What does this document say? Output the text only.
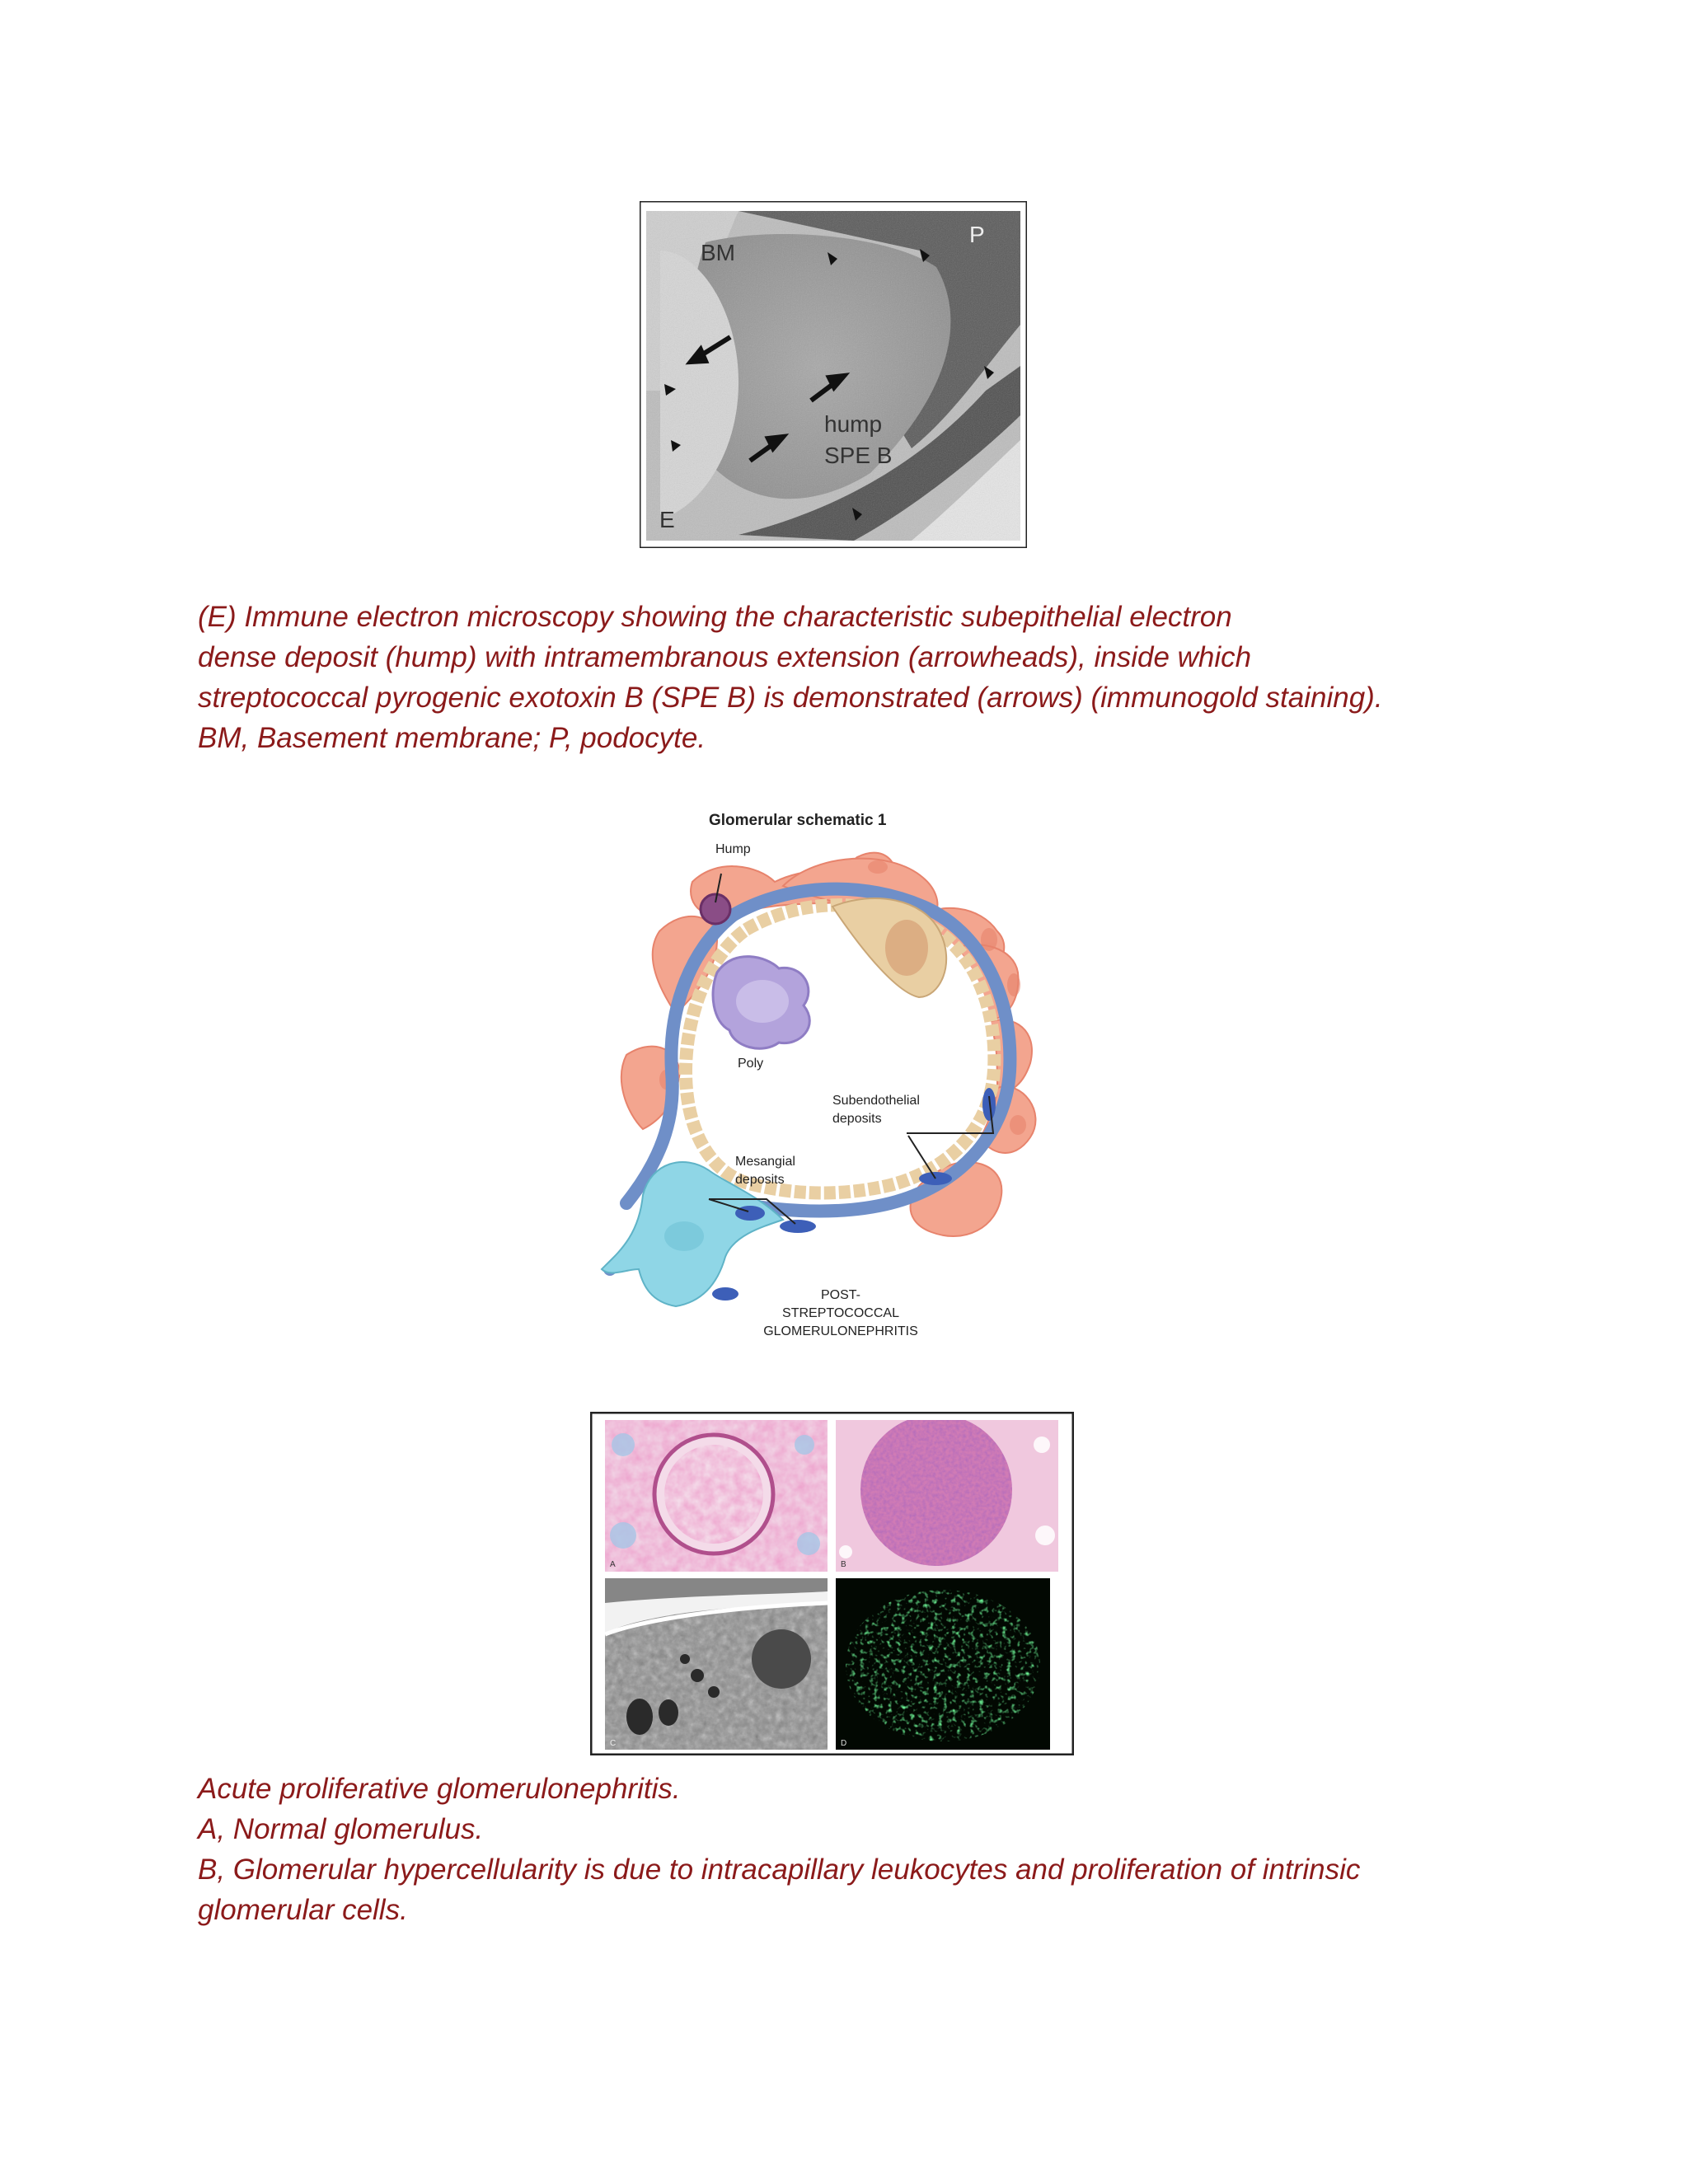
BM
P
hump
SPE B
E
(E) Immune electron microscopy showing the characteristic subepithelial electron
dense deposit (hump) with intramembranous extension (arrowheads), inside which
streptococcal pyrogenic exotoxin B (SPE B) is demonstrated (arrows) (immunogold staining).
BM, Basement membrane; P, podocyte.
Glomerular schematic 1
Hump
Poly
Subendothelial
deposits
Mesangial
deposits
POST-
STREPTOCOCCAL
GLOMERULONEPHRITIS
A	B
C	D
Acute proliferative glomerulonephritis.
A, Normal glomerulus.
B, Glomerular hypercellularity is due to intracapillary leukocytes and proliferation of intrinsic
glomerular cells.
